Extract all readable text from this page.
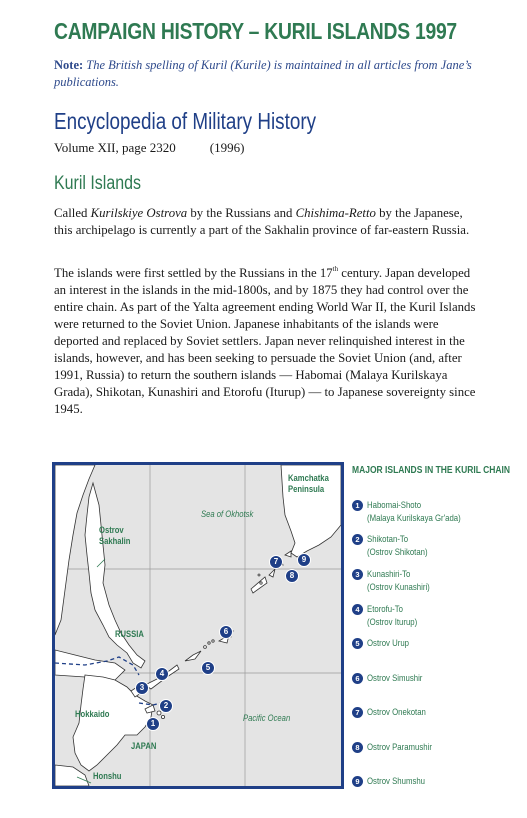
CAMPAIGN HISTORY – KURIL ISLANDS 1997
Note: The British spelling of Kuril (Kurile) is maintained in all articles from Jane’s publications.
Encyclopedia of Military History
Volume XII, page 2320	(1996)
Kuril Islands

Called Kurilskiye Ostrova by the Russians and Chishima-Retto by the Japanese, this archipelago is currently a part of the Sakhalin province of far-eastern Russia.

The islands were first settled by the Russians in the 17th century. Japan developed an interest in the islands in the mid-1800s, and by 1875 they had control over the entire chain. As part of the Yalta agreement ending World War II, the Kuril Islands were returned to the Soviet Union. Japanese inhabitants of the islands were deported and replaced by Soviet settlers. Japan never relinquished interest in the islands, however, and has been seeking to persuade the Soviet Union (and, after 1991, Russia) to return the southern islands — Habomai (Malaya Kurilskaya Grada), Shikotan, Kunashiri and Etorofu (Iturup) — to Japanese sovereignty since 1945.

Kamchatka
Peninsula
Sea of Okhotsk
Ostrov
Sakhalin
RUSSIA
Hokkaido
JAPAN
Pacific Ocean
Honshu
1
2
3
4
5
6
7
8
9
MAJOR ISLANDS IN THE KURIL CHAIN
1 Habomai-Shoto
(Malaya Kurilskaya Gr'ada)
2 Shikotan-To
(Ostrov Shikotan)
3 Kunashiri-To
(Ostrov Kunashiri)
4 Etorofu-To
(Ostrov Iturup)
5 Ostrov Urup
6 Ostrov Simushir
7 Ostrov Onekotan
8 Ostrov Paramushir
9 Ostrov Shumshu
